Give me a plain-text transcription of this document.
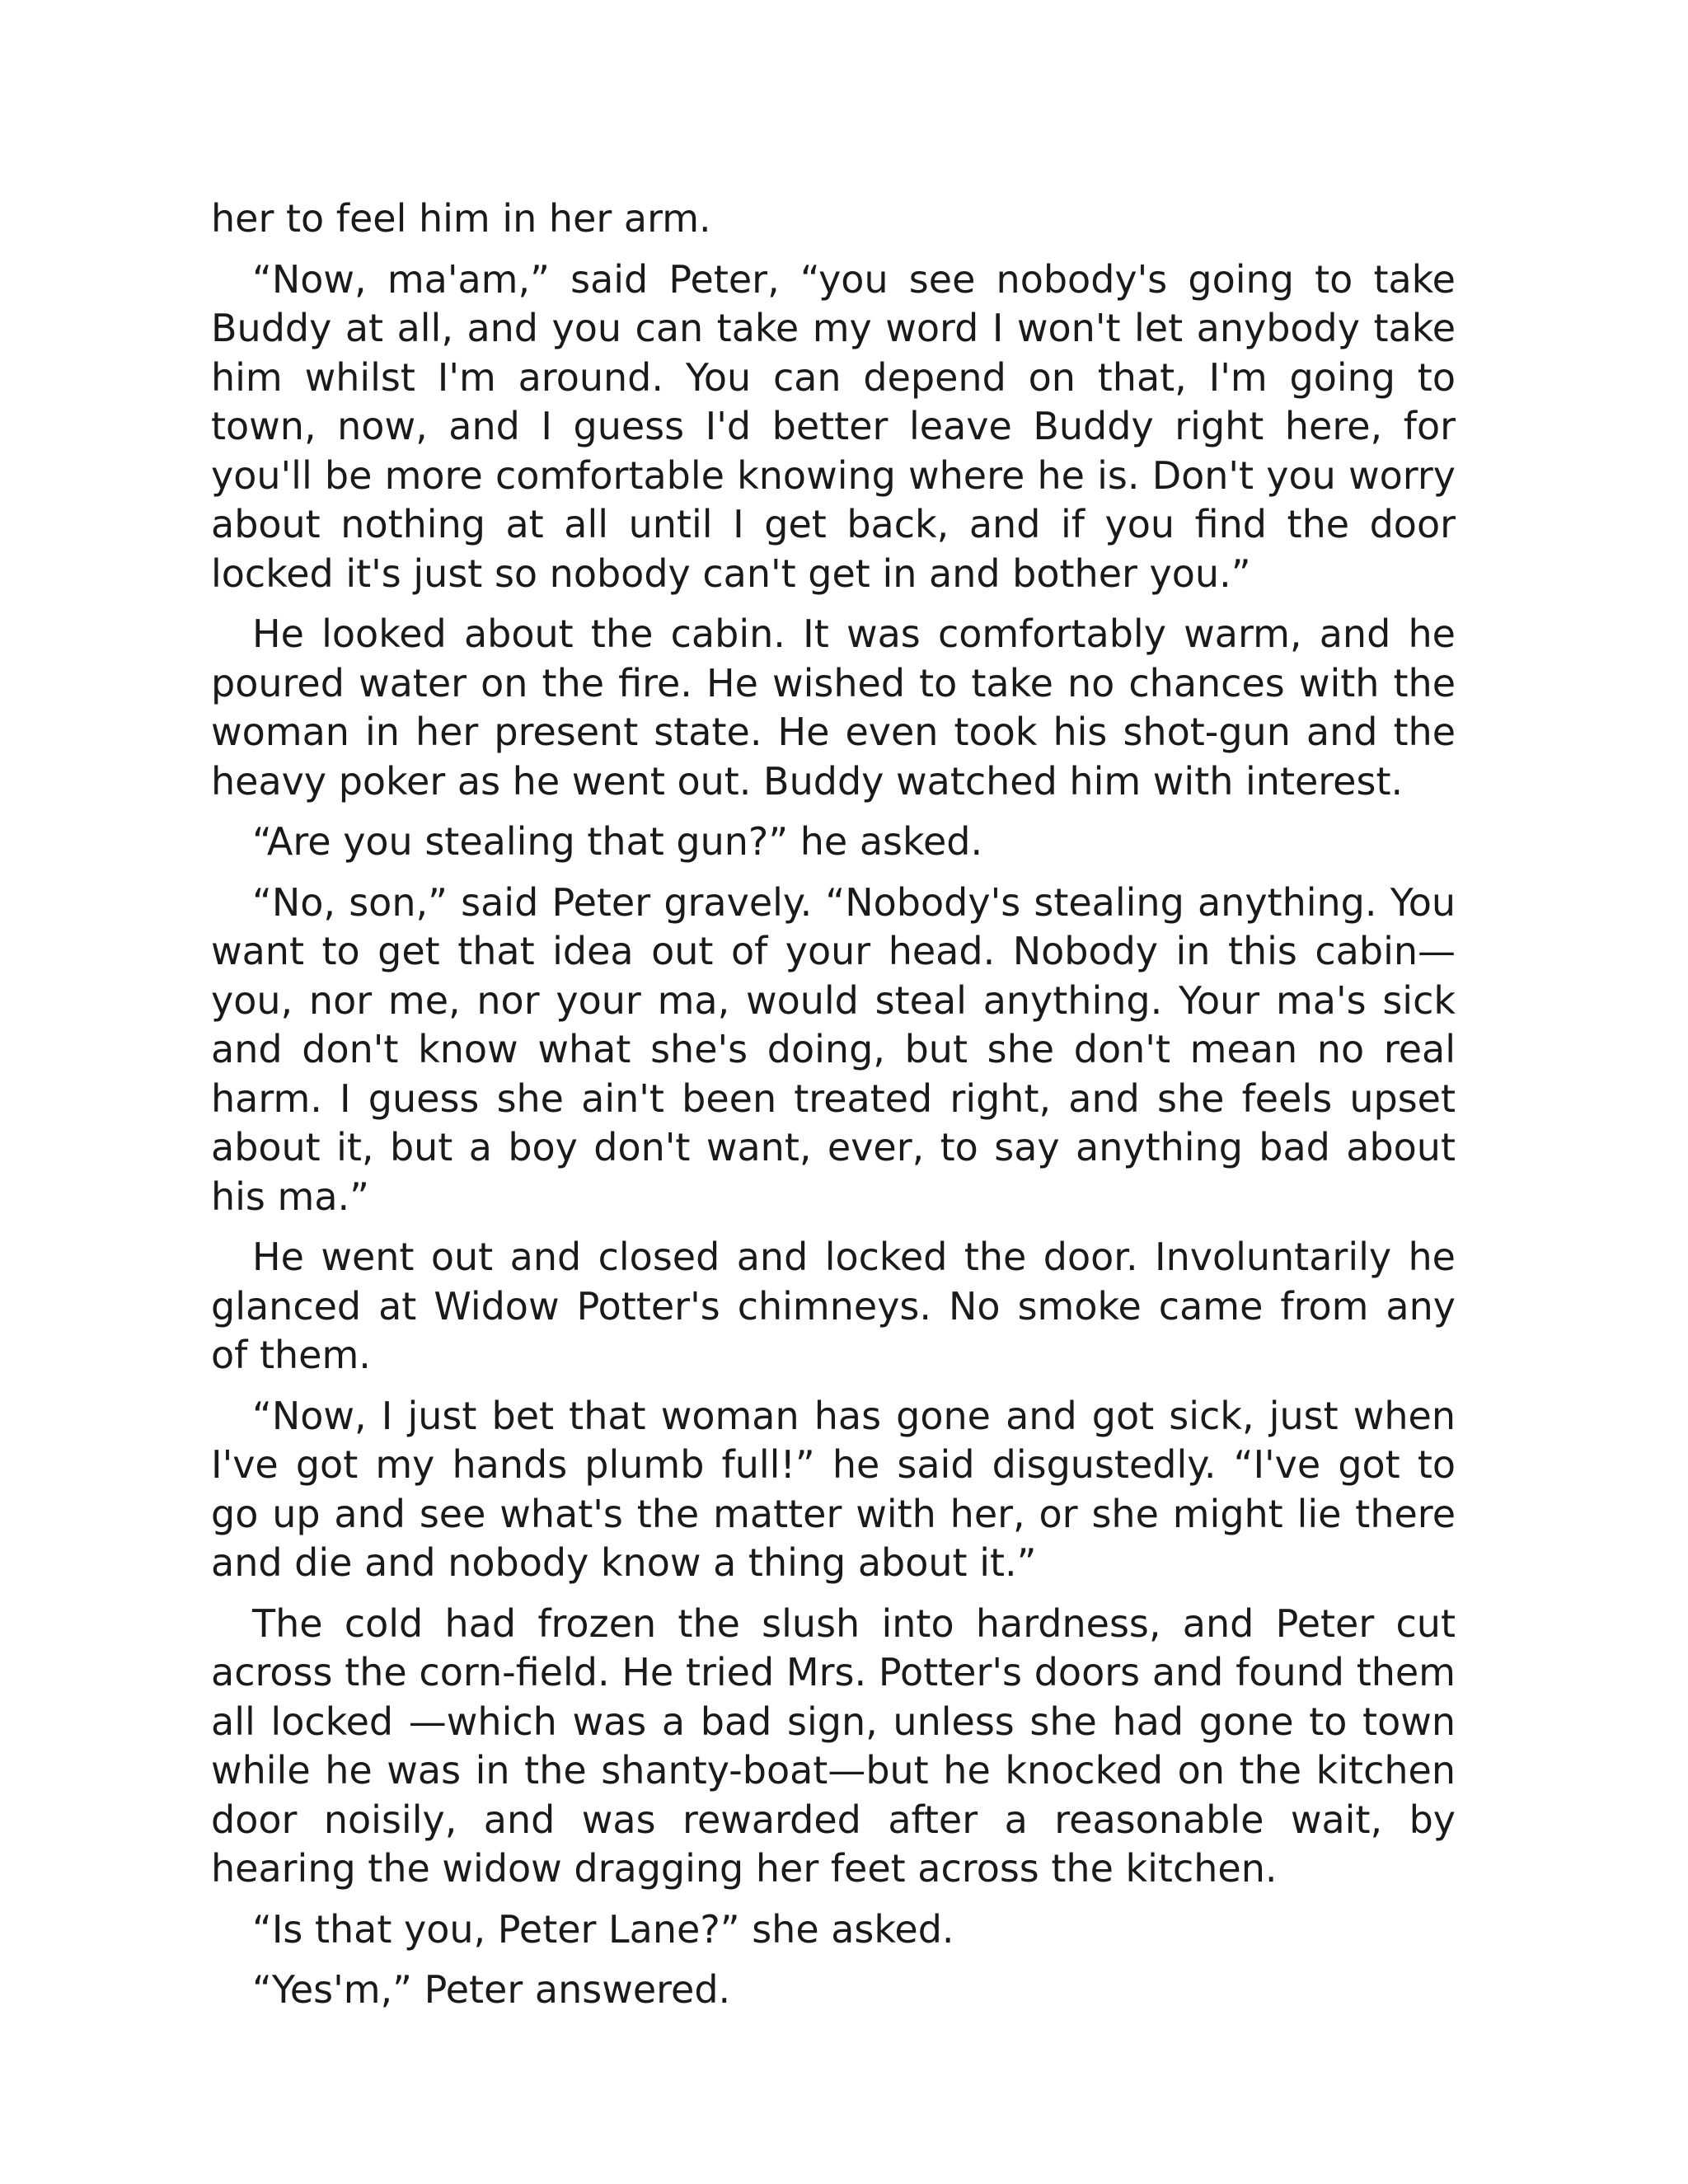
her to feel him in her arm.

“Now, ma'am,” said Peter, “you see nobody's going to take Buddy at all, and you can take my word I won't let anybody take him whilst I'm around. You can depend on that, I'm going to town, now, and I guess I'd better leave Buddy right here, for you'll be more comfortable knowing where he is. Don't you worry about nothing at all until I get back, and if you find the door locked it's just so nobody can't get in and bother you.”

He looked about the cabin. It was comfortably warm, and he poured water on the fire. He wished to take no chances with the woman in her present state. He even took his shot-gun and the heavy poker as he went out. Buddy watched him with interest.

“Are you stealing that gun?” he asked.

“No, son,” said Peter gravely. “Nobody's stealing anything. You want to get that idea out of your head. Nobody in this cabin—you, nor me, nor your ma, would steal anything. Your ma's sick and don't know what she's doing, but she don't mean no real harm. I guess she ain't been treated right, and she feels upset about it, but a boy don't want, ever, to say anything bad about his ma.”

He went out and closed and locked the door. Involuntarily he glanced at Widow Potter's chimneys. No smoke came from any of them.

“Now, I just bet that woman has gone and got sick, just when I've got my hands plumb full!” he said disgustedly. “I've got to go up and see what's the matter with her, or she might lie there and die and nobody know a thing about it.”

The cold had frozen the slush into hardness, and Peter cut across the corn-field. He tried Mrs. Potter's doors and found them all locked —which was a bad sign, unless she had gone to town while he was in the shanty-boat—but he knocked on the kitchen door noisily, and was rewarded after a reasonable wait, by hearing the widow dragging her feet across the kitchen.

“Is that you, Peter Lane?” she asked.

“Yes'm,” Peter answered.
